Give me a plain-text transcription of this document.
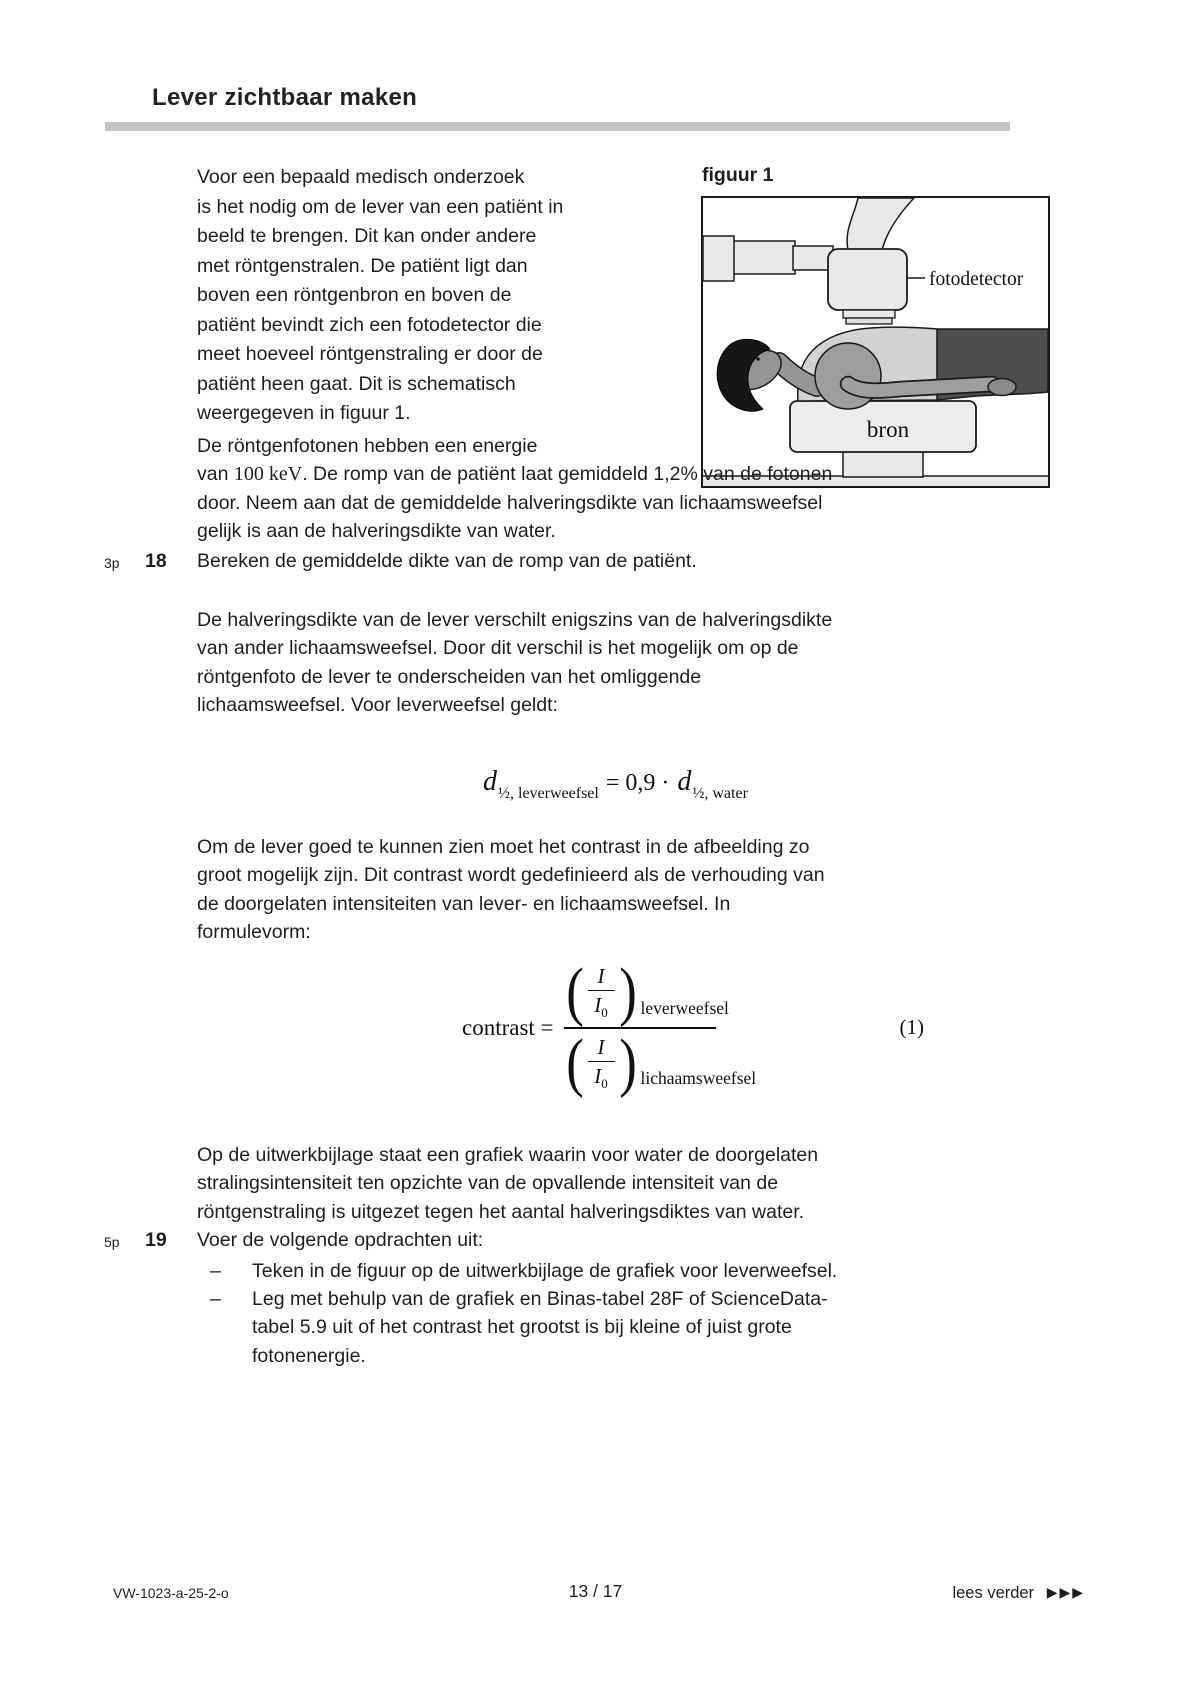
Lever zichtbaar maken
Voor een bepaald medisch onderzoek
is het nodig om de lever van een patiënt in
beeld te brengen. Dit kan onder andere
met röntgenstralen. De patiënt ligt dan
boven een röntgenbron en boven de
patiënt bevindt zich een fotodetector die
meet hoeveel röntgenstraling er door de
patiënt heen gaat. Dit is schematisch
weergegeven in figuur 1.
figuur 1
fotodetector
bron
De röntgenfotonen hebben een energie
van 100 keV. De romp van de patiënt laat gemiddeld 1,2% van de fotonen
door. Neem aan dat de gemiddelde halveringsdikte van lichaamsweefsel
gelijk is aan de halveringsdikte van water.
3p 18 Bereken de gemiddelde dikte van de romp van de patiënt.
De halveringsdikte van de lever verschilt enigszins van de halveringsdikte
van ander lichaamsweefsel. Door dit verschil is het mogelijk om op de
röntgenfoto de lever te onderscheiden van het omliggende
lichaamsweefsel. Voor leverweefsel geldt:
$d_{\frac{1}{2}, leverweefsel} = 0,9 \cdot d_{\frac{1}{2}, water}$
Om de lever goed te kunnen zien moet het contrast in de afbeelding zo
groot mogelijk zijn. Dit contrast wordt gedefinieerd als de verhouding van
de doorgelaten intensiteiten van lever- en lichaamsweefsel. In
formulevorm:
contrast = ( I
$I_0$ ) leverweefsel
( I
$I_0$ ) lichaamsweefsel
(1)
Op de uitwerkbijlage staat een grafiek waarin voor water de doorgelaten
stralingsintensiteit ten opzichte van de opvallende intensiteit van de
röntgenstraling is uitgezet tegen het aantal halveringsdiktes van water.
5p 19 Voer de volgende opdrachten uit:
– Teken in de figuur op de uitwerkbijlage de grafiek voor leverweefsel.
– Leg met behulp van de grafiek en Binas-tabel 28F of ScienceData-
tabel 5.9 uit of het contrast het grootst is bij kleine of juist grote
fotonenergie.
VW-1023-a-25-2-o	13 / 17	lees verder ▶▶▶
